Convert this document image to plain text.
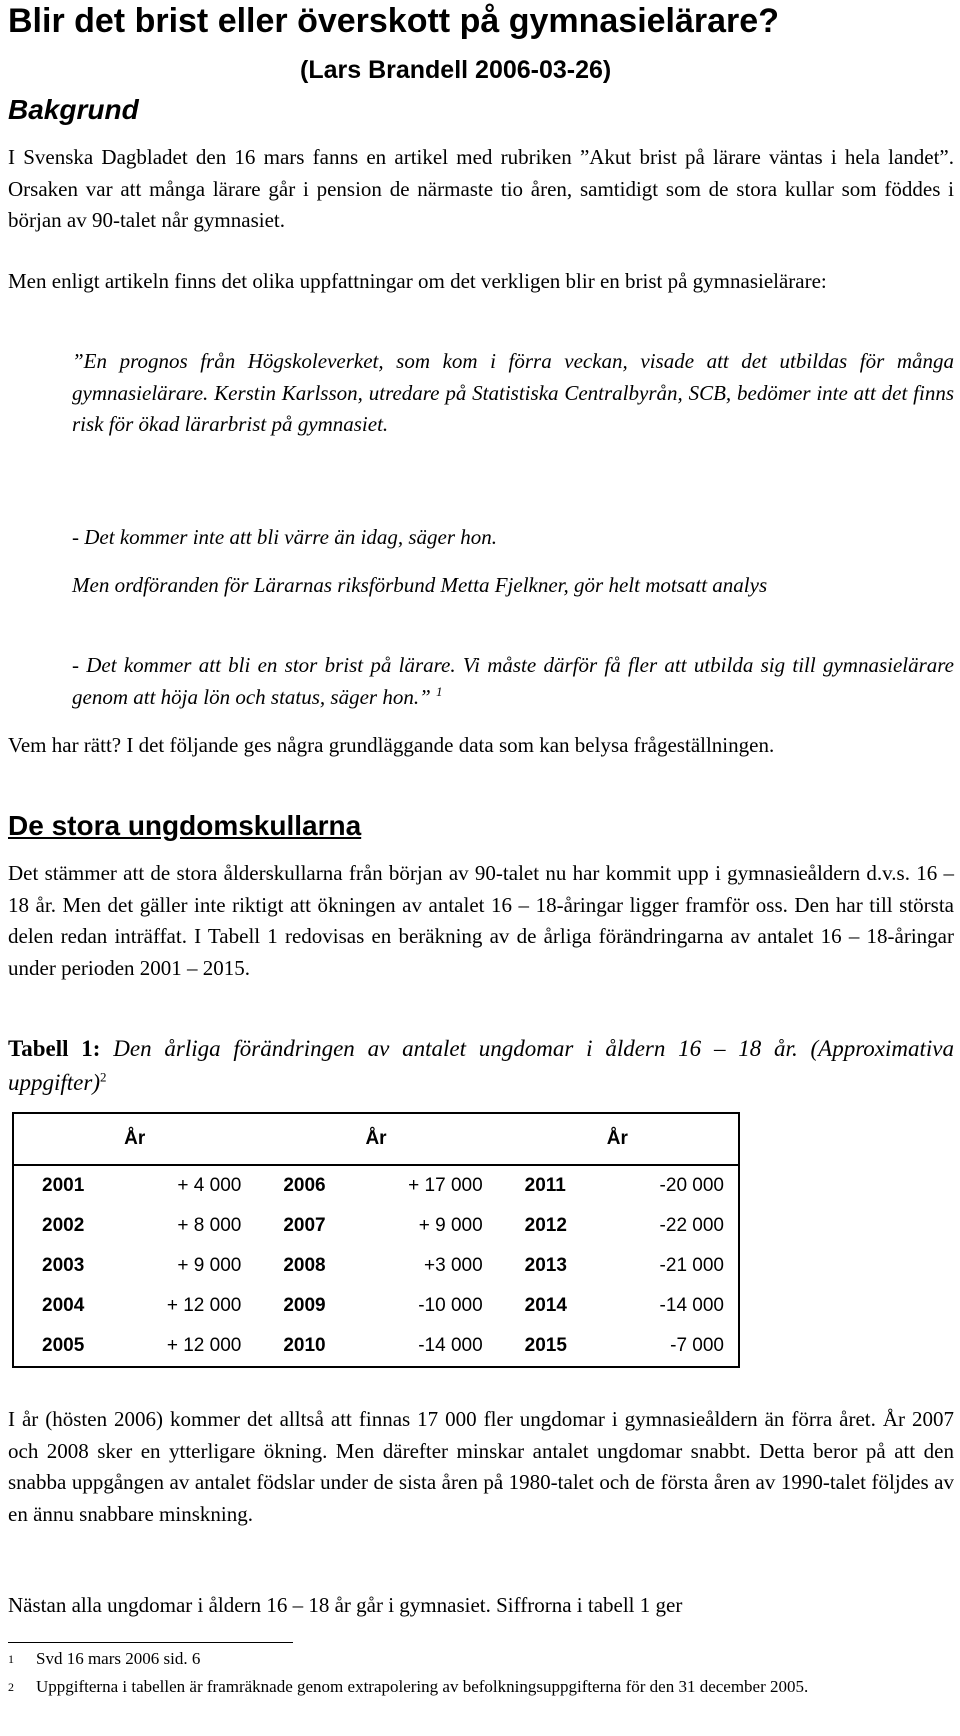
Blir det brist eller överskott på gymnasielärare?
(Lars Brandell 2006-03-26)
Bakgrund

I Svenska Dagbladet den 16 mars fanns en artikel med rubriken ”Akut brist på lärare väntas i hela landet”. Orsaken var att många lärare går i pension de närmaste tio åren, samtidigt som de stora kullar som föddes i början av 90-talet når gymnasiet.

Men enligt artikeln finns det olika uppfattningar om det verkligen blir en brist på gymnasielärare:

”En prognos från Högskoleverket, som kom i förra veckan, visade att det utbildas för många gymnasielärare. Kerstin Karlsson, utredare på Statistiska Centralbyrån, SCB, bedömer inte att det finns risk för ökad lärarbrist på gymnasiet.

- Det kommer inte att bli värre än idag, säger hon.

Men ordföranden för Lärarnas riksförbund Metta Fjelkner, gör helt motsatt analys

- Det kommer att bli en stor brist på lärare. Vi måste därför få fler att utbilda sig till gymnasielärare genom att höja lön och status, säger hon.” $^1$

Vem har rätt? I det följande ges några grundläggande data som kan belysa frågeställningen.

De stora ungdomskullarna

Det stämmer att de stora ålderskullarna från början av 90-talet nu har kommit upp i gymnasieåldern d.v.s. 16 – 18 år. Men det gäller inte riktigt att ökningen av antalet 16 – 18-åringar ligger framför oss. Den har till största delen redan inträffat. I Tabell 1 redovisas en beräkning av de årliga förändringarna av antalet 16 – 18-åringar under perioden 2001 – 2015.

Tabell 1: Den årliga förändringen av antalet ungdomar i åldern 16 – 18 år. (Approximativa uppgifter)$^2$
År		År		År	
2001	+ 4 000	2006	+ 17 000	2011	-20 000
2002	+ 8 000	2007	+ 9 000	2012	-22 000
2003	+ 9 000	2008	+3 000	2013	-21 000
2004	+ 12 000	2009	-10 000	2014	-14 000
2005	+ 12 000	2010	-14 000	2015	-7 000

I år (hösten 2006) kommer det alltså att finnas 17 000 fler ungdomar i gymnasieåldern än förra året. År 2007 och 2008 sker en ytterligare ökning. Men därefter minskar antalet ungdomar snabbt. Detta beror på att den snabba uppgången av antalet födslar under de sista åren på 1980-talet och de första åren av 1990-talet följdes av en ännu snabbare minskning.

Nästan alla ungdomar i åldern 16 – 18 år går i gymnasiet. Siffrorna i tabell 1 ger

1 Svd 16 mars 2006 sid. 6
2 Uppgifterna i tabellen är framräknade genom extrapolering av befolkningsuppgifterna för den 31 december 2005.
